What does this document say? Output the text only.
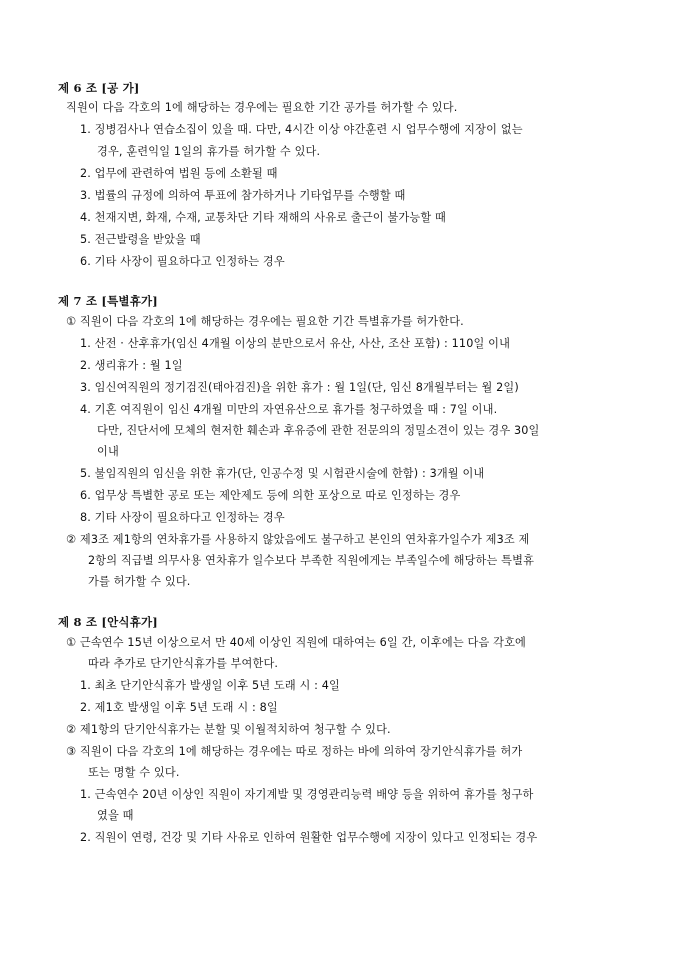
제 6 조 [공 가]

직원이 다음 각호의 1에 해당하는 경우에는 필요한 기간 공가를 허가할 수 있다.

1. 징병검사나 연습소집이 있을 때. 다만, 4시간 이상 야간훈련 시 업무수행에 지장이 없는

경우, 훈련익일 1일의 휴가를 허가할 수 있다.

2. 업무에 관련하여 법원 등에 소환될 때

3. 법률의 규정에 의하여 투표에 참가하거나 기타업무를 수행할 때

4. 천재지변, 화재, 수재, 교통차단 기타 재해의 사유로 출근이 불가능할 때

5. 전근발령을 받았을 때

6. 기타 사장이 필요하다고 인정하는 경우

제 7 조 [특별휴가]

① 직원이 다음 각호의 1에 해당하는 경우에는 필요한 기간 특별휴가를 허가한다.

1. 산전 · 산후휴가(임신 4개월 이상의 분만으로서 유산, 사산, 조산 포함) : 110일 이내

2. 생리휴가 : 월 1일

3. 임신여직원의 정기검진(태아검진)을 위한 휴가 : 월 1일(단, 임신 8개월부터는 월 2일)

4. 기혼 여직원이 임신 4개월 미만의 자연유산으로 휴가를 청구하였을 때 : 7일 이내.

다만, 진단서에 모체의 현저한 훼손과 후유증에 관한 전문의의 정밀소견이 있는 경우 30일

이내

5. 불임직원의 임신을 위한 휴가(단, 인공수정 및 시험관시술에 한함) : 3개월 이내

6. 업무상 특별한 공로 또는 제안제도 등에 의한 포상으로 따로 인정하는 경우

8. 기타 사장이 필요하다고 인정하는 경우

② 제3조 제1항의 연차휴가를 사용하지 않았음에도 불구하고 본인의 연차휴가일수가 제3조 제

2항의 직급별 의무사용 연차휴가 일수보다 부족한 직원에게는 부족일수에 해당하는 특별휴

가를 허가할 수 있다.

제 8 조 [안식휴가]

① 근속연수 15년 이상으로서 만 40세 이상인 직원에 대하여는 6일 간, 이후에는 다음 각호에

따라 추가로 단기안식휴가를 부여한다.

1. 최초 단기안식휴가 발생일 이후 5년 도래 시 : 4일

2. 제1호 발생일 이후 5년 도래 시 : 8일

② 제1항의 단기안식휴가는 분할 및 이월적치하여 청구할 수 있다.

③ 직원이 다음 각호의 1에 해당하는 경우에는 따로 정하는 바에 의하여 장기안식휴가를 허가

또는 명할 수 있다.

1. 근속연수 20년 이상인 직원이 자기계발 및 경영관리능력 배양 등을 위하여 휴가를 청구하

였을 때

2. 직원이 연령, 건강 및 기타 사유로 인하여 원활한 업무수행에 지장이 있다고 인정되는 경우
